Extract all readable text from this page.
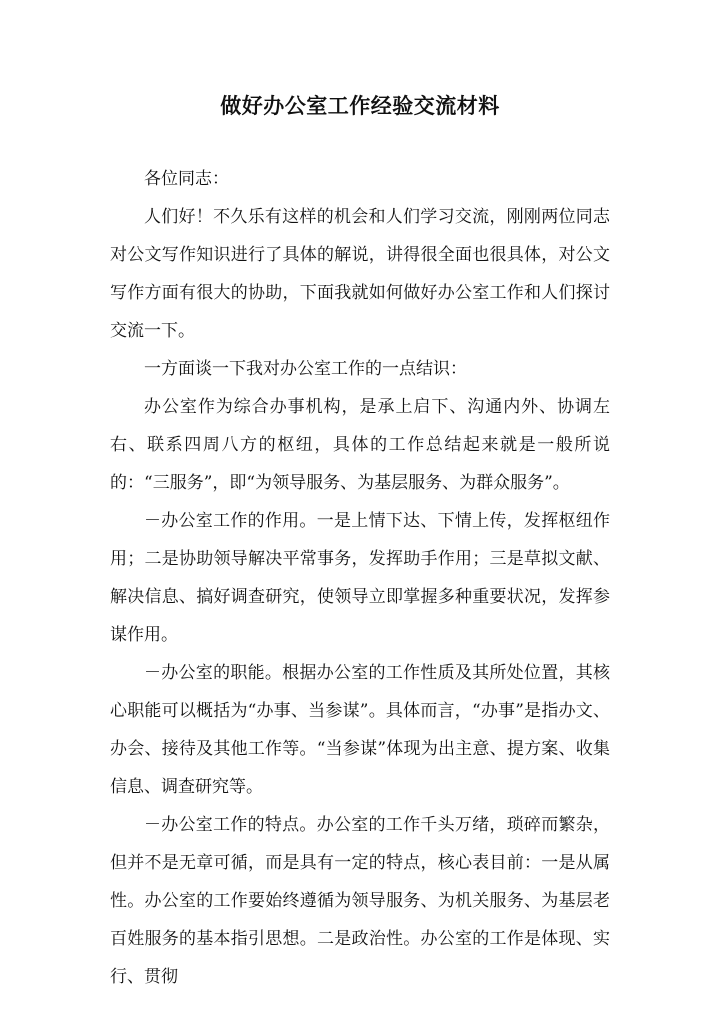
做好办公室工作经验交流材料

各位同志：

人们好！不久乐有这样的机会和人们学习交流，刚刚两位同志对公文写作知识进行了具体的解说，讲得很全面也很具体，对公文写作方面有很大的协助，下面我就如何做好办公室工作和人们探讨交流一下。

一方面谈一下我对办公室工作的一点结识：

办公室作为综合办事机构，是承上启下、沟通内外、协调左右、联系四周八方的枢纽，具体的工作总结起来就是一般所说的：“三服务”，即“为领导服务、为基层服务、为群众服务”。

－办公室工作的作用。一是上情下达、下情上传，发挥枢纽作用；二是协助领导解决平常事务，发挥助手作用；三是草拟文献、解决信息、搞好调查研究，使领导立即掌握多种重要状况，发挥参谋作用。

－办公室的职能。根据办公室的工作性质及其所处位置，其核心职能可以概括为“办事、当参谋”。具体而言，“办事”是指办文、办会、接待及其他工作等。“当参谋”体现为出主意、提方案、收集信息、调查研究等。

－办公室工作的特点。办公室的工作千头万绪，琐碎而繁杂，但并不是无章可循，而是具有一定的特点，核心表目前：一是从属性。办公室的工作要始终遵循为领导服务、为机关服务、为基层老百姓服务的基本指引思想。二是政治性。办公室的工作是体现、实行、贯彻
